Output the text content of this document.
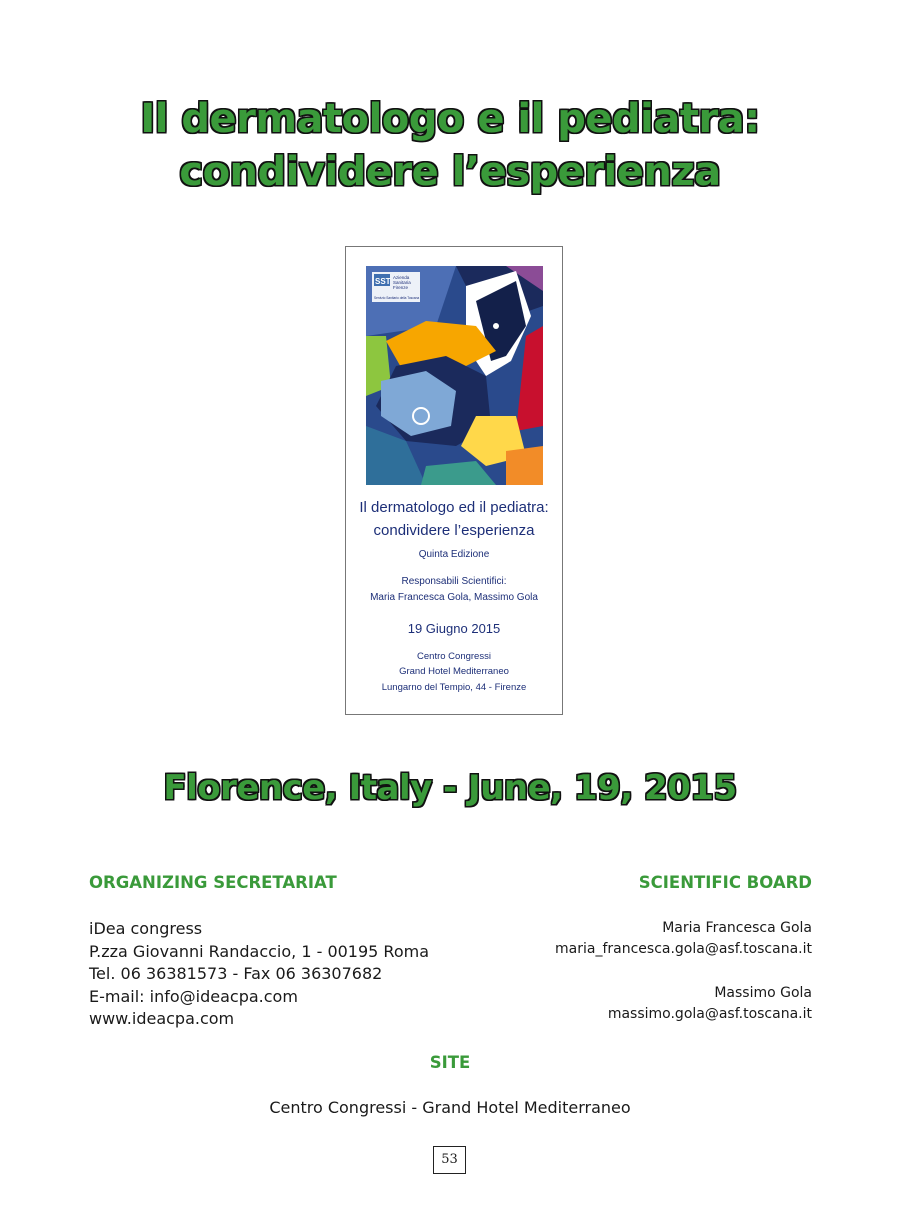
Il dermatologo e il pediatra:
condividere l’esperienza
SST Azienda
Sanitaria
Firenze
Servizio Sanitario della Toscana
Il dermatologo ed il pediatra:
condividere l’esperienza
Quinta Edizione
Responsabili Scientifici:
Maria Francesca Gola, Massimo Gola
19 Giugno 2015
Centro Congressi
Grand Hotel Mediterraneo
Lungarno del Tempio, 44 - Firenze
Florence, Italy - June, 19, 2015
ORGANIZING SECRETARIAT	SCIENTIFIC BOARD
iDea congress
P.zza Giovanni Randaccio, 1 - 00195 Roma
Tel. 06 36381573 - Fax 06 36307682
E-mail: info@ideacpa.com
www.ideacpa.com
Maria Francesca Gola
maria_francesca.gola@asf.toscana.it
Massimo Gola
massimo.gola@asf.toscana.it
SITE
Centro Congressi - Grand Hotel Mediterraneo
53
